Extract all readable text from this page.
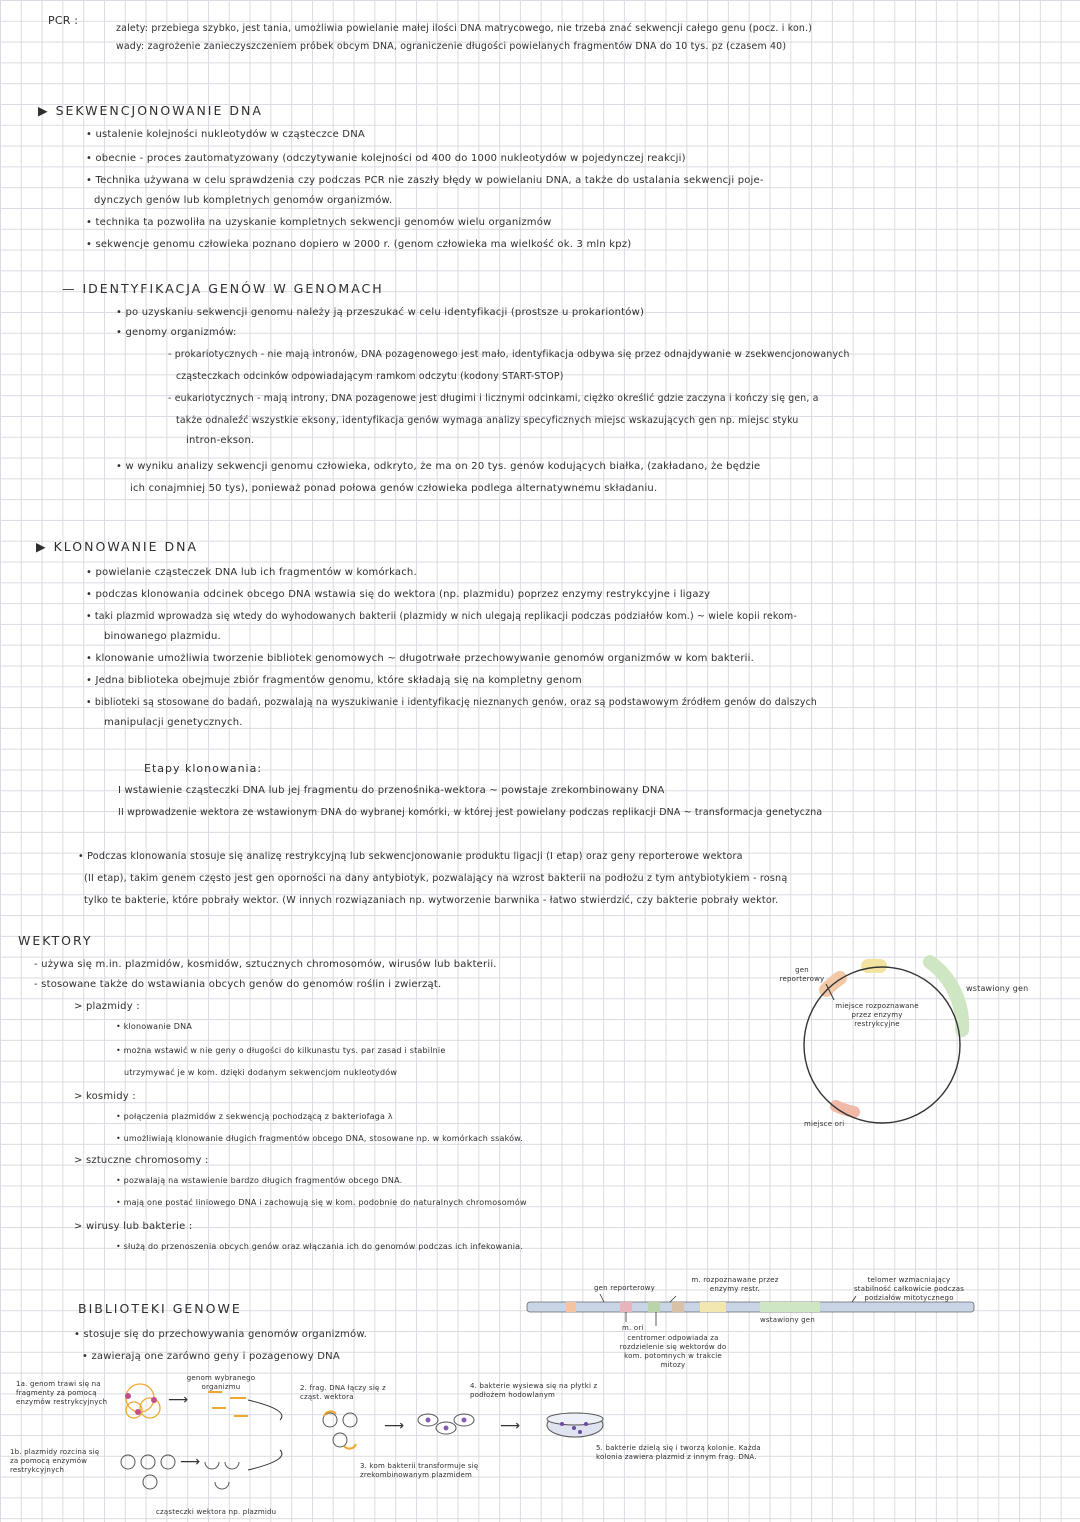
PCR :
zalety: przebiega szybko, jest tania, umożliwia powielanie małej ilości DNA matrycowego, nie trzeba znać sekwencji całego genu (pocz. i kon.)
wady: zagrożenie zanieczyszczeniem próbek obcym DNA, ograniczenie długości powielanych fragmentów DNA do 10 tys. pz (czasem 40)
▶ SEKWENCJONOWANIE DNA
• ustalenie kolejności nukleotydów w cząsteczce DNA
• obecnie - proces zautomatyzowany (odczytywanie kolejności od 400 do 1000 nukleotydów w pojedynczej reakcji)
• Technika używana w celu sprawdzenia czy podczas PCR nie zaszły błędy w powielaniu DNA, a także do ustalania sekwencji poje-
dynczych genów lub kompletnych genomów organizmów.
• technika ta pozwoliła na uzyskanie kompletnych sekwencji genomów wielu organizmów
• sekwencje genomu człowieka poznano dopiero w 2000 r. (genom człowieka ma wielkość ok. 3 mln kpz)
— IDENTYFIKACJA GENÓW W GENOMACH
• po uzyskaniu sekwencji genomu należy ją przeszukać w celu identyfikacji (prostsze u prokariontów)
• genomy organizmów:
- prokariotycznych - nie mają intronów, DNA pozagenowego jest mało, identyfikacja odbywa się przez odnajdywanie w zsekwencjonowanych
cząsteczkach odcinków odpowiadającym ramkom odczytu (kodony START-STOP)
- eukariotycznych - mają introny, DNA pozagenowe jest długimi i licznymi odcinkami, ciężko określić gdzie zaczyna i kończy się gen, a
także odnaleźć wszystkie eksony, identyfikacja genów wymaga analizy specyficznych miejsc wskazujących gen np. miejsc styku
intron-ekson.
• w wyniku analizy sekwencji genomu człowieka, odkryto, że ma on 20 tys. genów kodujących białka, (zakładano, że będzie
ich conajmniej 50 tys), ponieważ ponad połowa genów człowieka podlega alternatywnemu składaniu.
▶ KLONOWANIE DNA
• powielanie cząsteczek DNA lub ich fragmentów w komórkach.
• podczas klonowania odcinek obcego DNA wstawia się do wektora (np. plazmidu) poprzez enzymy restrykcyjne i ligazy
• taki plazmid wprowadza się wtedy do wyhodowanych bakterii (plazmidy w nich ulegają replikacji podczas podziałów kom.) ~ wiele kopii rekom-
binowanego plazmidu.
• klonowanie umożliwia tworzenie bibliotek genomowych ~ długotrwałe przechowywanie genomów organizmów w kom bakterii.
• Jedna biblioteka obejmuje zbiór fragmentów genomu, które składają się na kompletny genom
• biblioteki są stosowane do badań, pozwalają na wyszukiwanie i identyfikację nieznanych genów, oraz są podstawowym źródłem genów do dalszych
manipulacji genetycznych.
Etapy klonowania:
I wstawienie cząsteczki DNA lub jej fragmentu do przenośnika-wektora ~ powstaje zrekombinowany DNA
II wprowadzenie wektora ze wstawionym DNA do wybranej komórki, w której jest powielany podczas replikacji DNA ~ transformacja genetyczna
• Podczas klonowania stosuje się analizę restrykcyjną lub sekwencjonowanie produktu ligacji (I etap) oraz geny reporterowe wektora
(II etap), takim genem często jest gen oporności na dany antybiotyk, pozwalający na wzrost bakterii na podłożu z tym antybiotykiem - rosną
tylko te bakterie, które pobrały wektor. (W innych rozwiązaniach np. wytworzenie barwnika - łatwo stwierdzić, czy bakterie pobrały wektor.
WEKTORY
- używa się m.in. plazmidów, kosmidów, sztucznych chromosomów, wirusów lub bakterii.
- stosowane także do wstawiania obcych genów do genomów roślin i zwierząt.
> plazmidy :
• klonowanie DNA
• można wstawić w nie geny o długości do kilkunastu tys. par zasad i stabilnie
utrzymywać je w kom. dzięki dodanym sekwencjom nukleotydów
> kosmidy :
• połączenia plazmidów z sekwencją pochodzącą z bakteriofaga λ
• umożliwiają klonowanie długich fragmentów obcego DNA, stosowane np. w komórkach ssaków.
> sztuczne chromosomy :
• pozwalają na wstawienie bardzo długich fragmentów obcego DNA.
• mają one postać liniowego DNA i zachowują się w kom. podobnie do naturalnych chromosomów
> wirusy lub bakterie :
• służą do przenoszenia obcych genów oraz włączania ich do genomów podczas ich infekowania.
gen reporterowy
wstawiony gen
miejsce rozpoznawane przez enzymy restrykcyjne
miejsce ori
gen reporterowy
m. rozpoznawane przez enzymy restr.
telomer wzmacniający stabilność całkowicie podczas podziałów mitotycznego
m. ori
centromer odpowiada za rozdzielenie się wektorów do kom. potomnych w trakcie mitozy
wstawiony gen
BIBLIOTEKI GENOWE
• stosuje się do przechowywania genomów organizmów.
• zawierają one zarówno geny i pozagenowy DNA
1a. genom trawi się na fragmenty za pomocą enzymów restrykcyjnych
genom wybranego organizmu
1b. plazmidy rozcina się za pomocą enzymów restrykcyjnych
2. frag. DNA łączy się z cząst. wektora
3. kom bakterii transformuje się zrekombinowanym plazmidem
4. bakterie wysiewa się na płytki z podłożem hodowlanym
5. bakterie dzielą się i tworzą kolonie. Każda kolonia zawiera plazmid z innym frag. DNA.
cząsteczki wektora np. plazmidu
⟶
⟶
⟶	⟶
